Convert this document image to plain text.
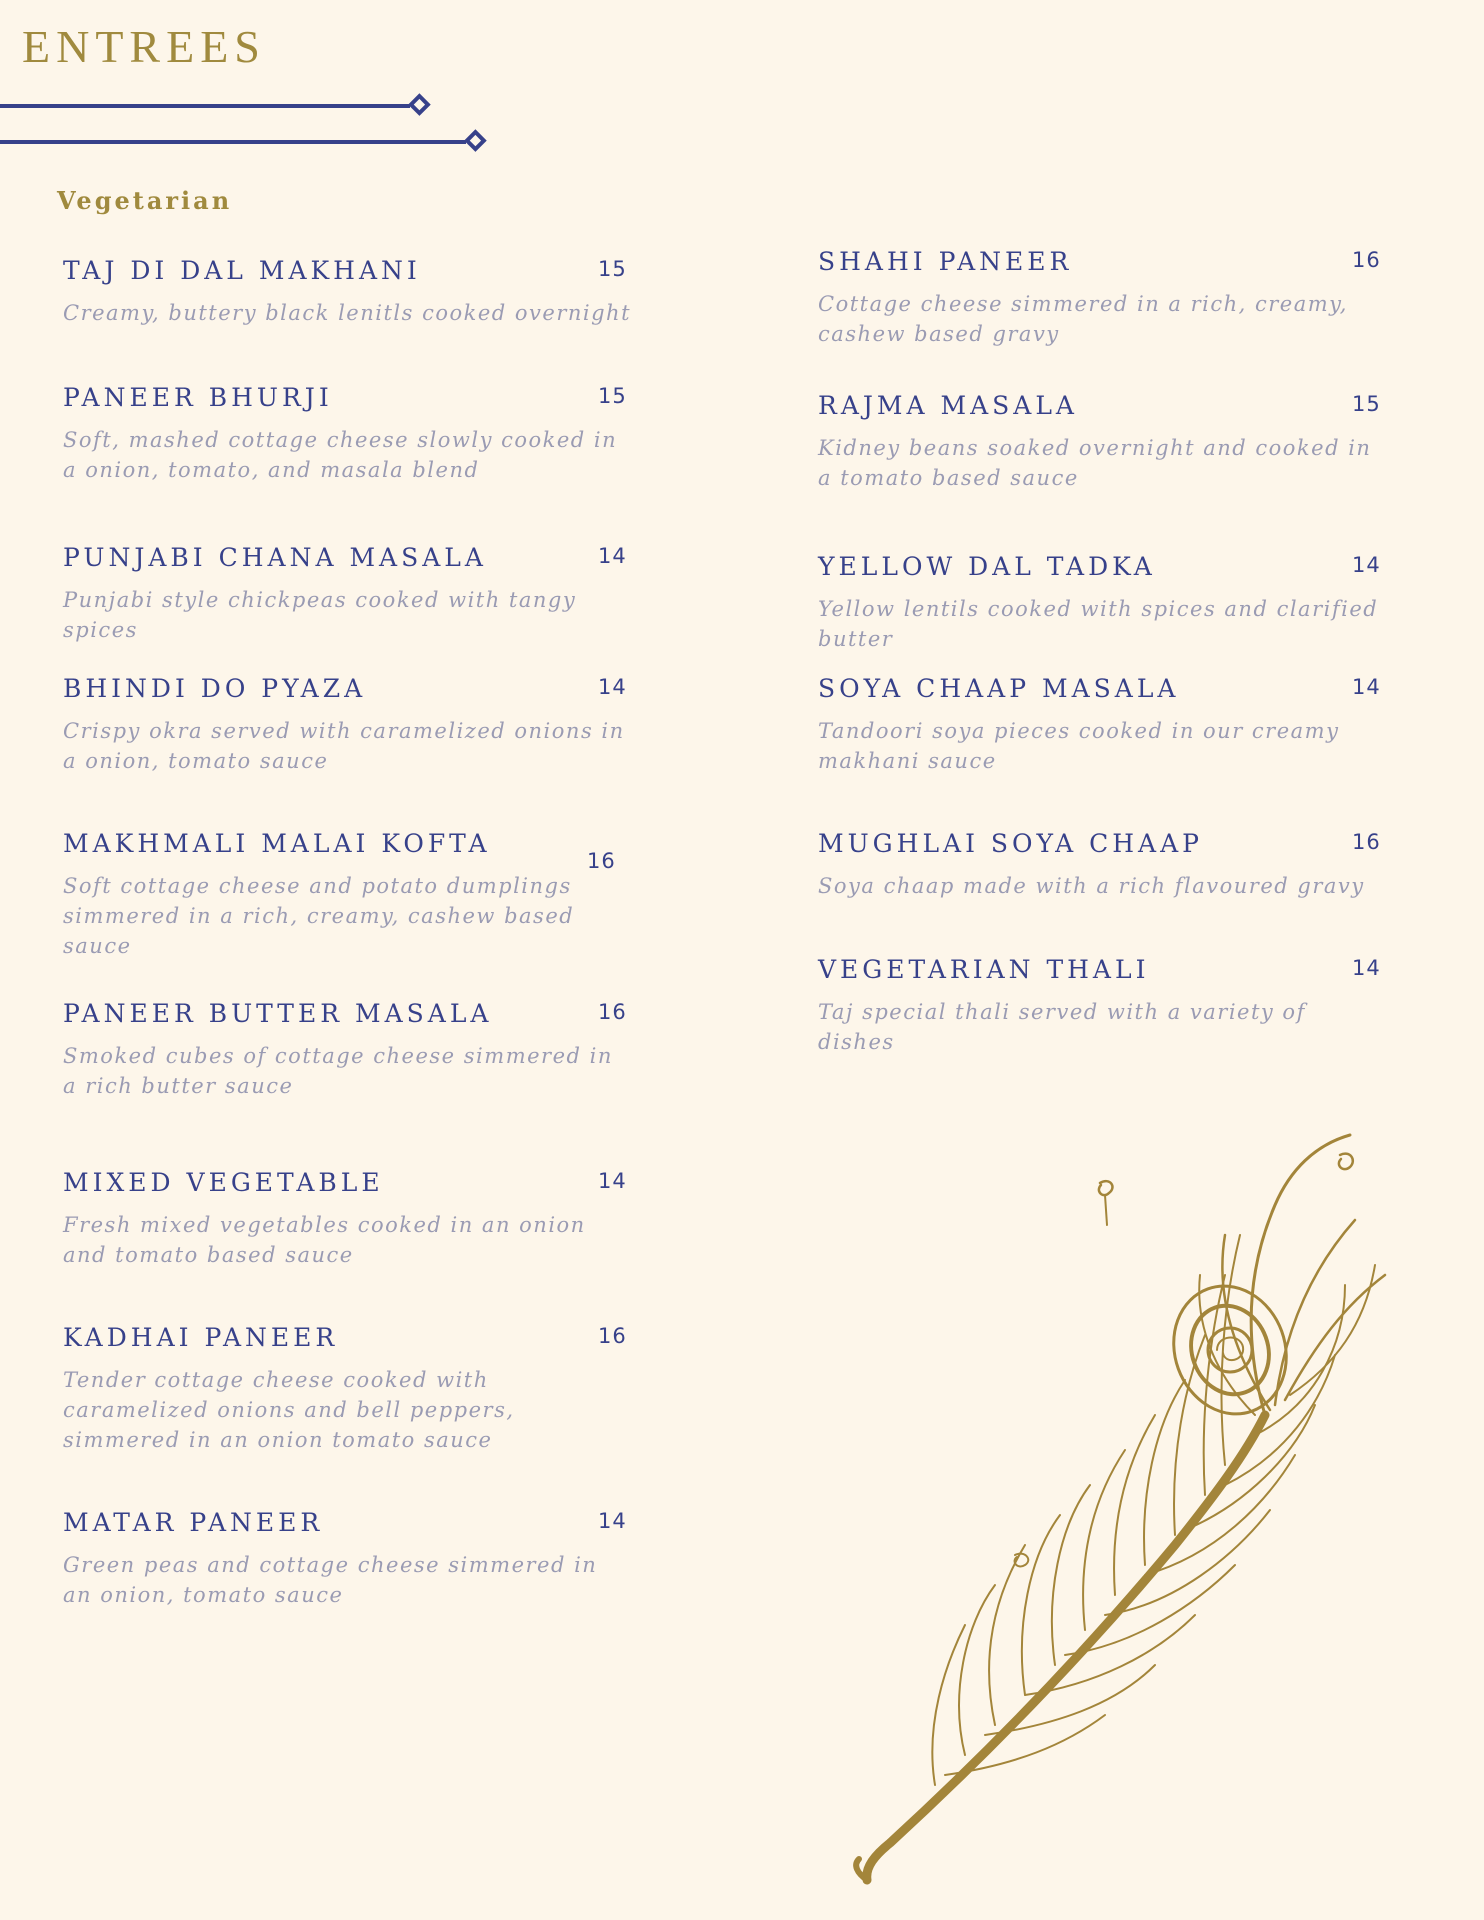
ENTREES
Vegetarian
TAJ DI DAL MAKHANI
Creamy, buttery black lenitls cooked overnight
15
PANEER BHURJI
Soft, mashed cottage cheese slowly cooked in a onion, tomato, and masala blend
15
PUNJABI CHANA MASALA
Punjabi style chickpeas cooked with tangy spices
14
BHINDI DO PYAZA
Crispy okra served with caramelized onions in a onion, tomato sauce
14
MAKHMALI MALAI KOFTA
Soft cottage cheese and potato dumplings simmered in a rich, creamy, cashew based sauce
16
PANEER BUTTER MASALA
Smoked cubes of cottage cheese simmered in a rich butter sauce
16
MIXED VEGETABLE
Fresh mixed vegetables cooked in an onion and tomato based sauce
14
KADHAI PANEER
Tender cottage cheese cooked with caramelized onions and bell peppers, simmered in an onion tomato sauce
16
MATAR PANEER
Green peas and cottage cheese simmered in an onion, tomato sauce
14
SHAHI PANEER
Cottage cheese simmered in a rich, creamy, cashew based gravy
16
RAJMA MASALA
Kidney beans soaked overnight and cooked in a tomato based sauce
15
YELLOW DAL TADKA
Yellow lentils cooked with spices and clarified butter
14
SOYA CHAAP MASALA
Tandoori soya pieces cooked in our creamy makhani sauce
14
MUGHLAI SOYA CHAAP
Soya chaap made with a rich flavoured gravy
16
VEGETARIAN THALI
Taj special thali served with a variety of dishes
14
